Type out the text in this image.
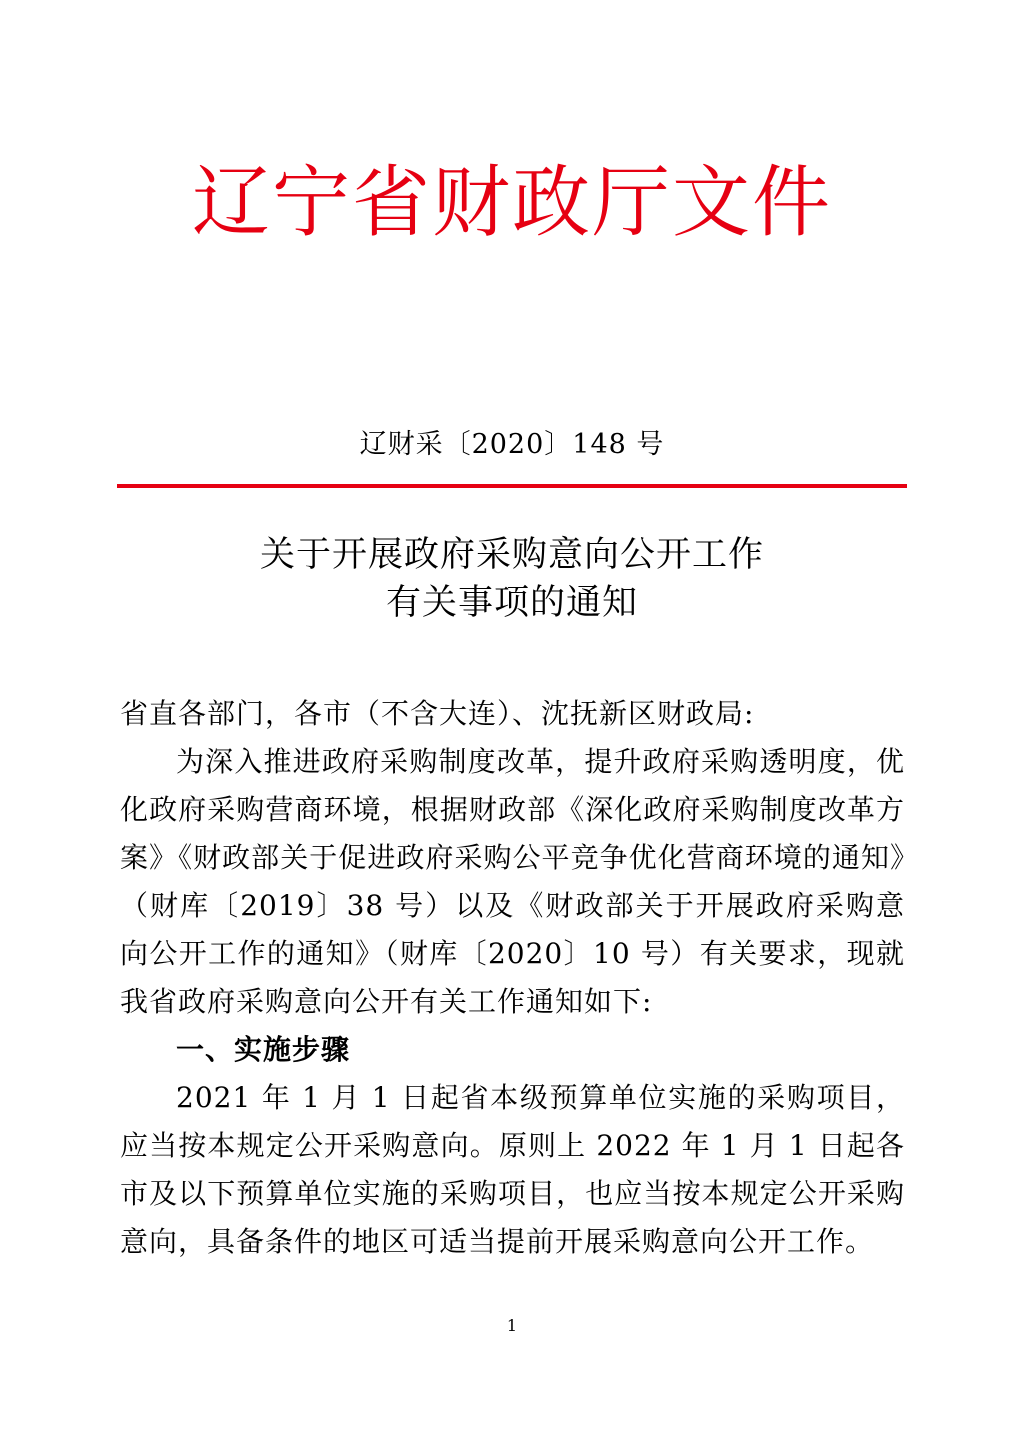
辽宁省财政厅文件
辽财采〔2020〕148 号
关于开展政府采购意向公开工作
有关事项的通知

省直各部门，各市（不含大连）、沈抚新区财政局:

为深入推进政府采购制度改革，提升政府采购透明度，优化政府采购营商环境，根据财政部《深化政府采购制度改革方案》《财政部关于促进政府采购公平竞争优化营商环境的通知》（财库〔2019〕38 号）以及《财政部关于开展政府采购意向公开工作的通知》（财库〔2020〕10 号）有关要求，现就我省政府采购意向公开有关工作通知如下:

一、实施步骤

2021 年 1 月 1 日起省本级预算单位实施的采购项目，应当按本规定公开采购意向。原则上 2022 年 1 月 1 日起各市及以下预算单位实施的采购项目，也应当按本规定公开采购意向，具备条件的地区可适当提前开展采购意向公开工作。

1
